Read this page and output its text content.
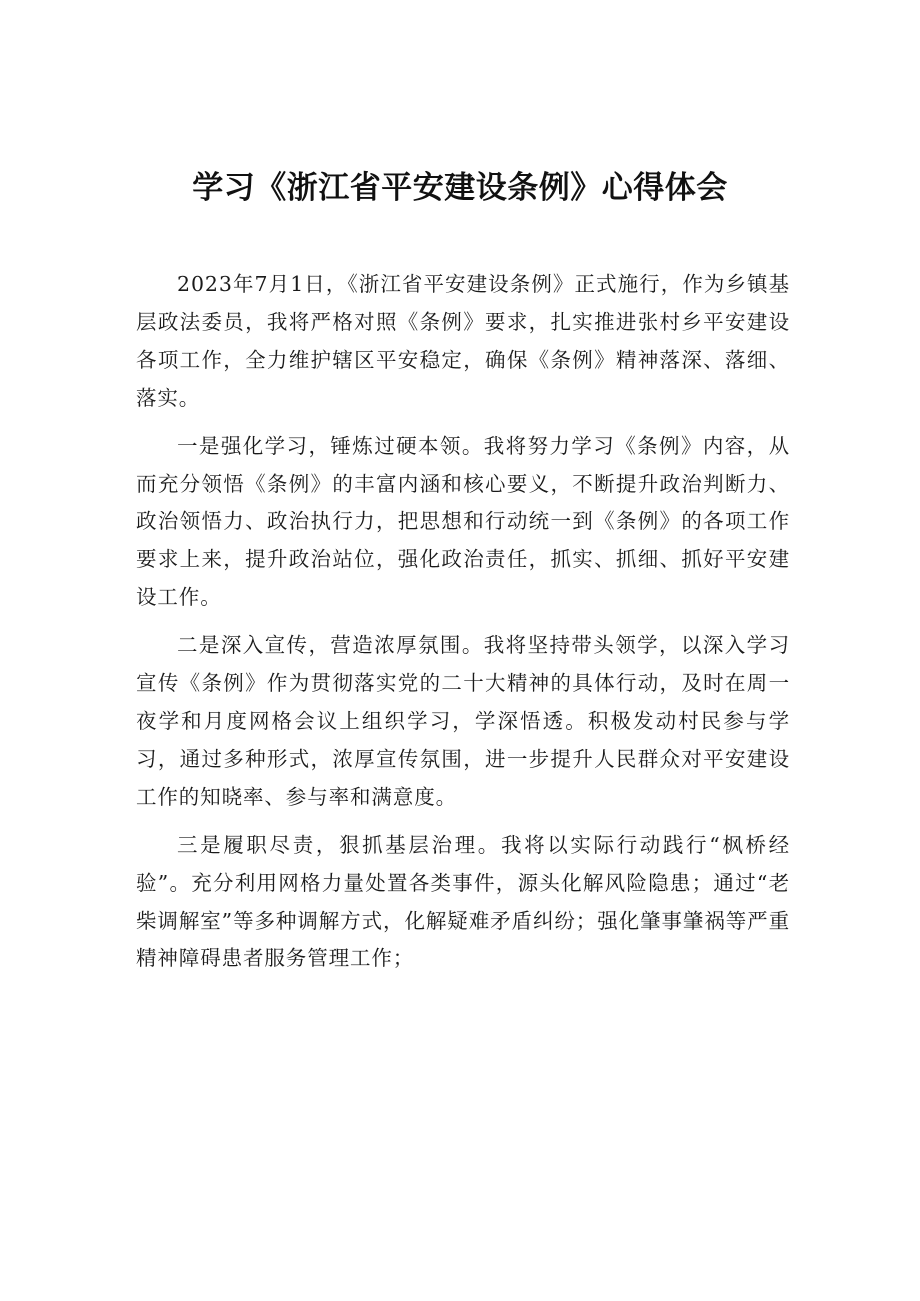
学习《浙江省平安建设条例》心得体会

2023年7月1日，《浙江省平安建设条例》正式施行，作为乡镇基层政法委员，我将严格对照《条例》要求，扎实推进张村乡平安建设各项工作，全力维护辖区平安稳定，确保《条例》精神落深、落细、落实。

一是强化学习，锤炼过硬本领。我将努力学习《条例》内容，从而充分领悟《条例》的丰富内涵和核心要义，不断提升政治判断力、政治领悟力、政治执行力，把思想和行动统一到《条例》的各项工作要求上来，提升政治站位，强化政治责任，抓实、抓细、抓好平安建设工作。

二是深入宣传，营造浓厚氛围。我将坚持带头领学，以深入学习宣传《条例》作为贯彻落实党的二十大精神的具体行动，及时在周一夜学和月度网格会议上组织学习，学深悟透。积极发动村民参与学习，通过多种形式，浓厚宣传氛围，进一步提升人民群众对平安建设工作的知晓率、参与率和满意度。

三是履职尽责，狠抓基层治理。我将以实际行动践行“枫桥经验”。充分利用网格力量处置各类事件，源头化解风险隐患；通过“老柴调解室”等多种调解方式，化解疑难矛盾纠纷；强化肇事肇祸等严重精神障碍患者服务管理工作；
